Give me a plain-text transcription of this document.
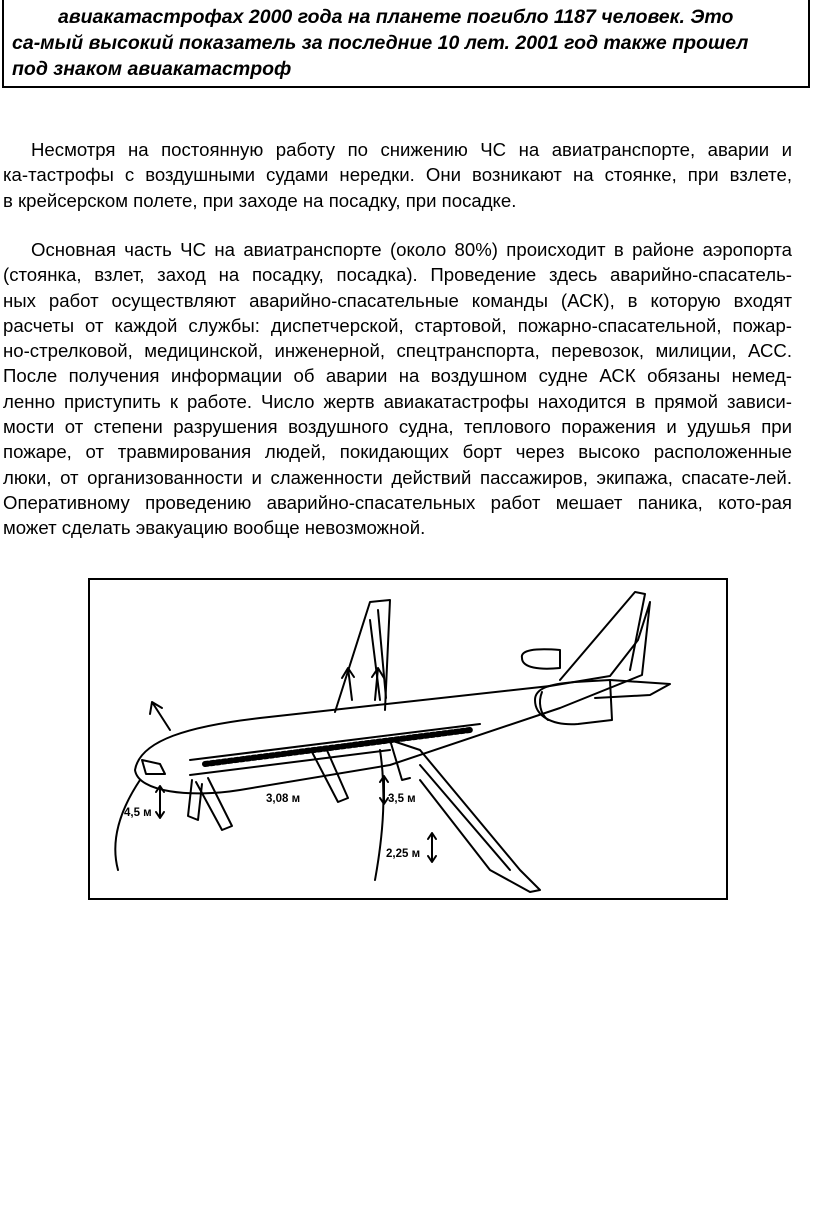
авиакатастрофах 2000 года на планете погибло 1187 человек. Это
са-мый высокий показатель за последние 10 лет. 2001 год также прошел
под знаком авиакатастроф

Несмотря на постоянную работу по снижению ЧС на авиатранспорте, аварии и
ка-тастрофы с воздушными судами нередки. Они возникают на стоянке, при взлете,
в крейсерском полете, при заходе на посадку, при посадке.
Основная часть ЧС на авиатранспорте (около 80%) происходит в районе аэропорта
(стоянка, взлет, заход на посадку, посадка). Проведение здесь аварийно-спасатель-
ных работ осуществляют аварийно-спасательные команды (АСК), в которую входят
расчеты от каждой службы: диспетчерской, стартовой, пожарно-спасательной, пожар-
но-стрелковой, медицинской, инженерной, спецтранспорта, перевозок, милиции, АСС.
После получения информации об аварии на воздушном судне АСК обязаны немед-
ленно приступить к работе. Число жертв авиакатастрофы находится в прямой зависи-
мости от степени разрушения воздушного судна, теплового поражения и удушья при
пожаре, от травмирования людей, покидающих борт через высоко расположенные
люки, от организованности и слаженности действий пассажиров, экипажа, спасате-лей.
Оперативному проведению аварийно-спасательных работ мешает паника, кото-рая
может сделать эвакуацию вообще невозможной.
4,5 м
3,08 м	3,5 м
2,25 м
